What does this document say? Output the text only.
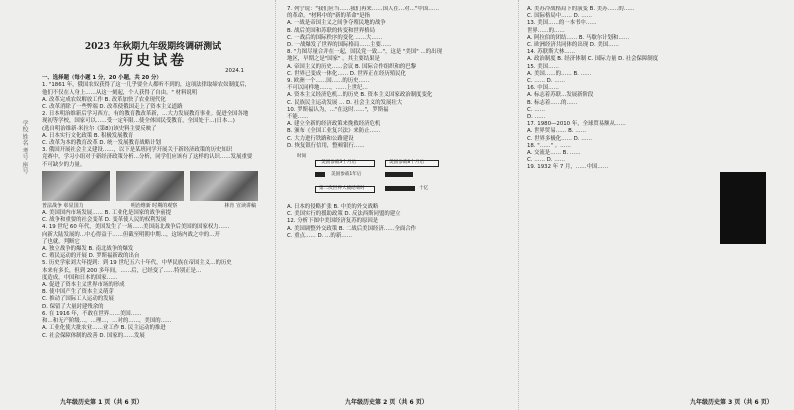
学校 姓名 考号 座号
2023 年秋期九年级期终调研测试
历史试卷
2024.1
一、选择题（每小题 1 分，20 小题，共 20 分）
1. "1861 年，俄国农奴获得了这一几乎要全人都听不到的，这项法律取缔农奴制度后，
他们不仅在人身上……从这一刻起，个人获得了自由。" 材料说明
A. 改革完成农奴解放工作 B. 改革加快了农业现代化
C. 改革消除了一些弊端 D. 改革使俄国走上了资本主义道路
2. 日本明治维新后学习西方，有的教育教改革新，…大力发展教育事业。促进全国各地
现初等学校，国家可以……受一定年限…使全体国民受教育，全国处于…(日本…)
(选自明治维新·米拉尔《第8》)该史料主要反映了
A. 日本实行文化政策 B. 积极发展教育
C. 改革为本的教育改革 D. 统一发展教育战略计划
3. 俄国开展社会主义建设……，以下是某班同学开展关于新经济政策的历史知识
竞赛中，学习小组对于新经济政策分析…分析，同学们应该有了这样的认识……发展重要
不可缺少的力量。
普法战争 彰显国力	明治维新 时期的观察	林肯 宣读讲稿
A. 美国国内市场发展…… B. 工业化是国家的战争前提
C. 战争和重要的社会变革 D. 变革使人民的权利发展
4. 19 世纪 60 年代，美国发生了一场……美国南北战争后美国的国家权力……
向新大陆发展的…中心得益于……但截至明朝中期…，这场内战之中的…开
了也就，判断它
A. 独立战争的爆发 B. 南北战争的爆发
C. 殖民运动的开展 D. 罗斯福新政的出台
5. 历史学家刘大年提到：到 19 世纪五六十年代，中华民族在帝国主义…的历史
本来有多长，但到 200 多年间，……后，已经变了……特别正是…
度造成，中国和日本的国家……
A. 促进了资本主义世界市场的形成
B. 使中国产生了资本主义萌芽
C. 推动了国际工人运动的发展
D. 保留了大量封建残余的
6. 在 1916 年，不敢在世界……美国……
和…和无产阶级…，…理…，…对的……，美国的……
A. 工业化使大批农业……业工作 B. 民主运动的推进
C. 社会保障体制的改善 D. 国家的……发展
7. 列宁说："我们应当……我们再来……国人在…对…"中国……
的革命。"材料中的"新的革命"是指
A. 一战是帝国主义之间争夺殖民地的战争
B. 战后美国和苏联的转变和世界格局
C. 一战后的国际秩序的变化 ……大……
D. 一战爆发了世界的国际格局……主要……
8. "力图尽量合并在一起，国民党一致…"，这是 "美国" …的出现
地区，早期之是"国家" 。其主要结果是
A. 帝国主义的历史……会议 B. 国际合作组织和的巴黎
C. 世界已变成一体化…… D. 世界正在经历殖民化
9. 欧洲一个……国……的历史……
不可以同样地……，……上世纪…
A. 资本主义经济危机…的历史 B. 资本主义国家政治制度变化
C. 民族民主运动发展 … D. 社会主义的发展壮大
10. 罗斯福认为，…"在这时……"，罗斯福
不能……
A. 建立全新的经济政策来挽救经济危机
B. 颁布《全国工业复兴法》来防止……
C. 大力进行铁路和公路建设
D. 恢复银行信用，整顿银行……
时间
美国参战3个月后	美国参战8个月后
美国参战1年后
第二次世界大战结束时	十亿
A. 日本的侵略扩张 B. 中美的外交战略
C. 美国实行的援助政策 D. 反法西斯同盟的建立
12. 分析下图中美国经济复苏的原因是
A. 美国调整外交政策 B. 二战后美国经济……全面合作
C. 重点…… D. …的新……
A. 美苏冷战格局下的演变 B. 美苏……的……
C. 国际格局中…… D. ……
13. 美国……的一本书中……
世界……的……
A. 阿拉伯的团结…… B. 马歇尔计划和……
C. 欧洲经济共同体的出现 D. 美国……
14. 苏联斯大林……
A. 政治制度 B. 经济体制 C. 国际力量 D. 社会保障制度
15. 美国……
A. 美国……的…… B. ……
C. …… D. ……
16. 中国……
A. 标志着苏联…发展新阶段
B. 标志着……的……
C. ……
D. ……
17. 1980—2010 年，全球贸易额从……
A. 世界贸易…… B. ……
C. 世界多极化…… D. ……
18. "……" 。……
A. 交流是…… B. ……
C. …… D. ……
19. 1932 年 7 月，……中国……
九年级历史第 1 页（共 6 页）	九年级历史第 2 页（共 6 页）	九年级历史第 3 页（共 6 页）
